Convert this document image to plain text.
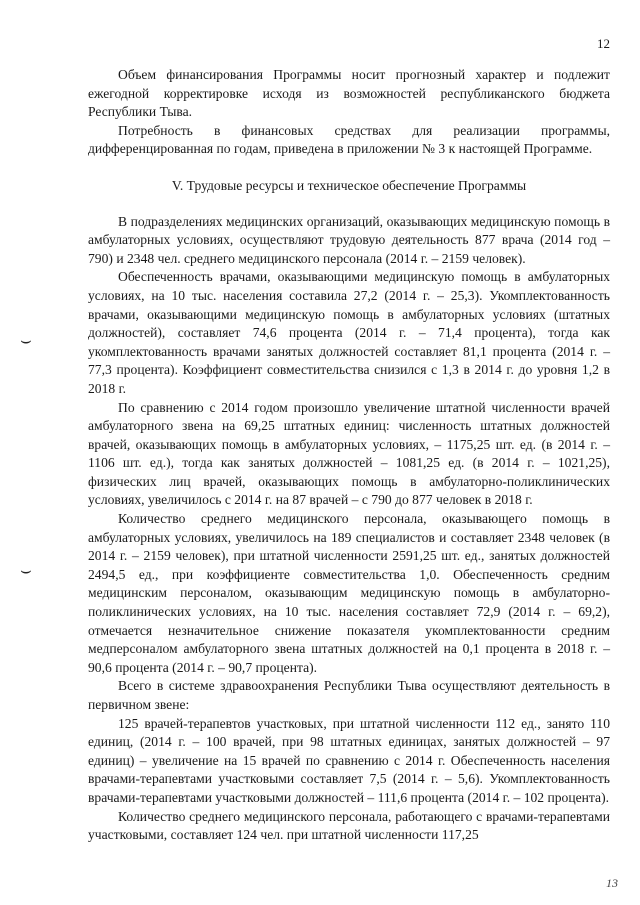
12
⌣
⌣

Объем финансирования Программы носит прогнозный характер и подлежит ежегодной корректировке исходя из возможностей республиканского бюджета Республики Тыва.

Потребность в финансовых средствах для реализации программы, дифференцированная по годам, приведена в приложении № 3 к настоящей Программе.

V. Трудовые ресурсы и техническое обеспечение Программы

В подразделениях медицинских организаций, оказывающих медицинскую помощь в амбулаторных условиях, осуществляют трудовую деятельность 877 врача (2014 год – 790) и 2348 чел. среднего медицинского персонала (2014 г. – 2159 человек).

Обеспеченность врачами, оказывающими медицинскую помощь в амбулаторных условиях, на 10 тыс. населения составила 27,2 (2014 г. – 25,3). Укомплектованность врачами, оказывающими медицинскую помощь в амбулаторных условиях (штатных должностей), составляет 74,6 процента (2014 г. – 71,4 процента), тогда как укомплектованность врачами занятых должностей составляет 81,1 процента (2014 г. – 77,3 процента). Коэффициент совместительства снизился с 1,3 в 2014 г. до уровня 1,2 в 2018 г.

По сравнению с 2014 годом произошло увеличение штатной численности врачей амбулаторного звена на 69,25 штатных единиц: численность штатных должностей врачей, оказывающих помощь в амбулаторных условиях, – 1175,25 шт. ед. (в 2014 г. – 1106 шт. ед.), тогда как занятых должностей – 1081,25 ед. (в 2014 г. – 1021,25), физических лиц врачей, оказывающих помощь в амбулаторно-поликлинических условиях, увеличилось с 2014 г. на 87 врачей – с 790 до 877 человек в 2018 г.

Количество среднего медицинского персонала, оказывающего помощь в амбулаторных условиях, увеличилось на 189 специалистов и составляет 2348 человек (в 2014 г. – 2159 человек), при штатной численности 2591,25 шт. ед., занятых должностей 2494,5 ед., при коэффициенте совместительства 1,0. Обеспеченность средним медицинским персоналом, оказывающим медицинскую помощь в амбулаторно-поликлинических условиях, на 10 тыс. населения составляет 72,9 (2014 г. – 69,2), отмечается незначительное снижение показателя укомплектованности средним медперсоналом амбулаторного звена штатных должностей на 0,1 процента в 2018 г. – 90,6 процента (2014 г. – 90,7 процента).

Всего в системе здравоохранения Республики Тыва осуществляют деятельность в первичном звене:

125 врачей-терапевтов участковых, при штатной численности 112 ед., занято 110 единиц, (2014 г. – 100 врачей, при 98 штатных единицах, занятых должностей – 97 единиц) – увеличение на 15 врачей по сравнению с 2014 г. Обеспеченность населения врачами-терапевтами участковыми составляет 7,5 (2014 г. – 5,6). Укомплектованность врачами-терапевтами участковыми должностей – 111,6 процента (2014 г. – 102 процента).

Количество среднего медицинского персонала, работающего с врачами-терапевтами участковыми, составляет 124 чел. при штатной численности 117,25

13
